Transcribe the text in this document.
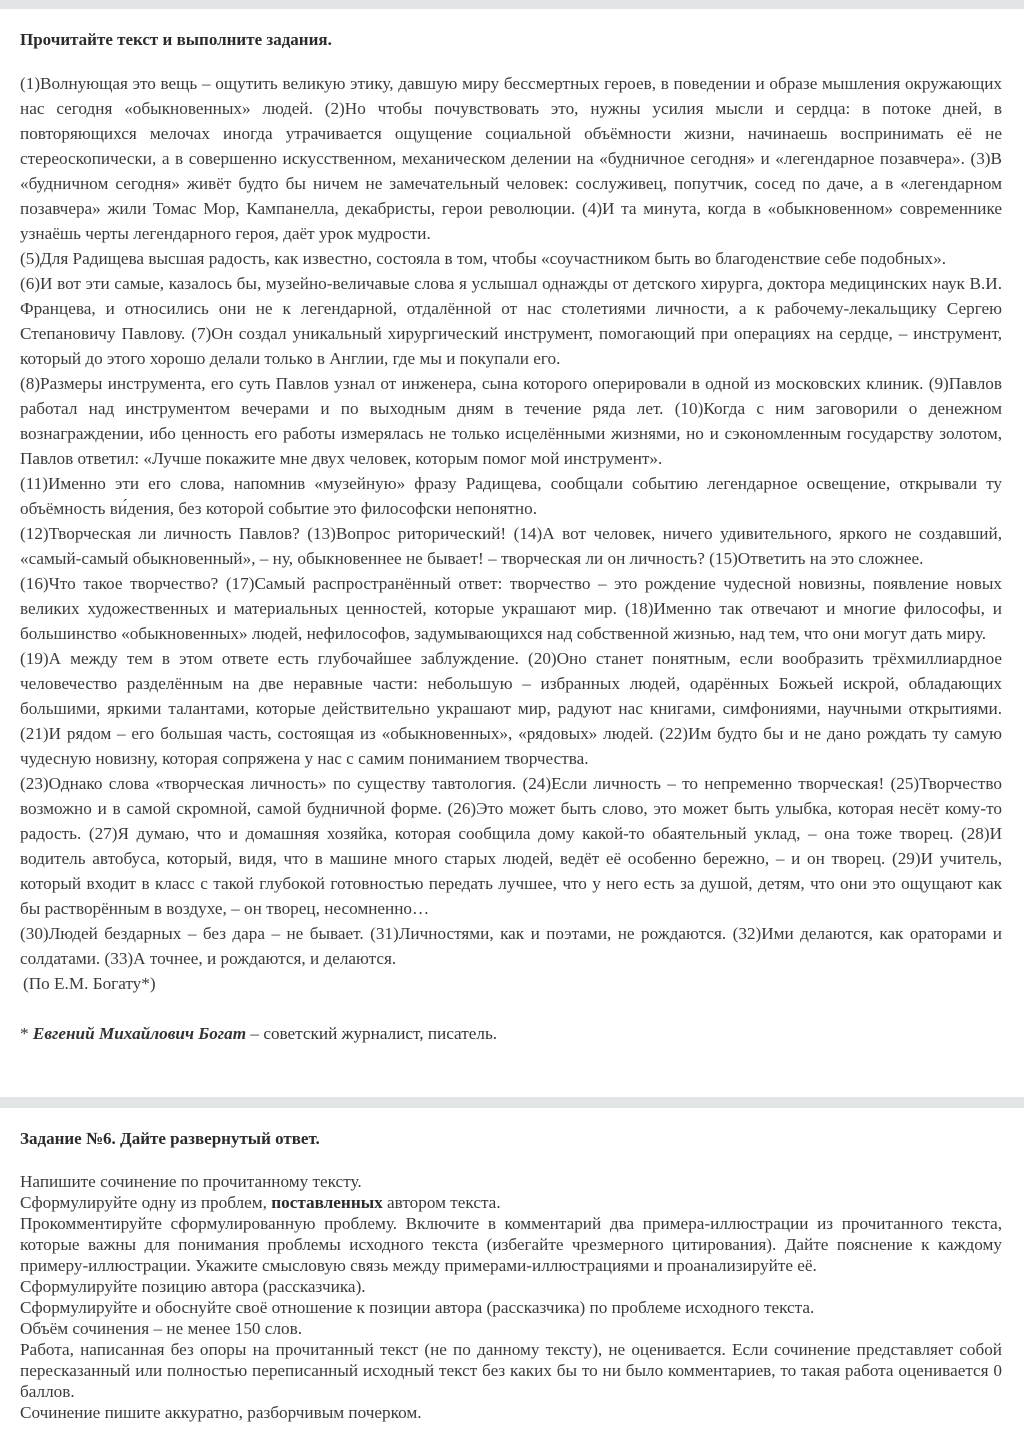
Прочитайте текст и выполните задания.

(1)Волнующая это вещь – ощутить великую этику, давшую миру бессмертных героев, в поведении и образе мышления окружающих нас сегодня «обыкновенных» людей. (2)Но чтобы почувствовать это, нужны усилия мысли и сердца: в потоке дней, в повторяющихся мелочах иногда утрачивается ощущение социальной объёмности жизни, начинаешь воспринимать её не стереоскопически, а в совершенно искусственном, механическом делении на «будничное сегодня» и «легендарное позавчера». (3)В «будничном сегодня» живёт будто бы ничем не замечательный человек: сослуживец, попутчик, сосед по даче, а в «легендарном позавчера» жили Томас Мор, Кампанелла, декабристы, герои революции. (4)И та минута, когда в «обыкновенном» современнике узнаёшь черты легендарного героя, даёт урок мудрости.

(5)Для Радищева высшая радость, как известно, состояла в том, чтобы «соучастником быть во благоденствие себе подобных».

(6)И вот эти самые, казалось бы, музейно-величавые слова я услышал однажды от детского хирурга, доктора медицинских наук В.И. Францева, и относились они не к легендарной, отдалённой от нас столетиями личности, а к рабочему-лекальщику Сергею Степановичу Павлову. (7)Он создал уникальный хирургический инструмент, помогающий при операциях на сердце, – инструмент, который до этого хорошо делали только в Англии, где мы и покупали его.

(8)Размеры инструмента, его суть Павлов узнал от инженера, сына которого оперировали в одной из московских клиник. (9)Павлов работал над инструментом вечерами и по выходным дням в течение ряда лет. (10)Когда с ним заговорили о денежном вознаграждении, ибо ценность его работы измерялась не только исцелёнными жизнями, но и сэкономленным государству золотом, Павлов ответил: «Лучше покажите мне двух человек, которым помог мой инструмент».

(11)Именно эти его слова, напомнив «музейную» фразу Радищева, сообщали событию легендарное освещение, открывали ту объёмность ви́дения, без которой событие это философски непонятно.

(12)Творческая ли личность Павлов? (13)Вопрос риторический! (14)А вот человек, ничего удивительного, яркого не создавший, «самый-самый обыкновенный», – ну, обыкновеннее не бывает! – творческая ли он личность? (15)Ответить на это сложнее.

(16)Что такое творчество? (17)Самый распространённый ответ: творчество – это рождение чудесной новизны, появление новых великих художественных и материальных ценностей, которые украшают мир. (18)Именно так отвечают и многие философы, и большинство «обыкновенных» людей, нефилософов, задумывающихся над собственной жизнью, над тем, что они могут дать миру.

(19)А между тем в этом ответе есть глубочайшее заблуждение. (20)Оно станет понятным, если вообразить трёхмиллиардное человечество разделённым на две неравные части: небольшую – избранных людей, одарённых Божьей искрой, обладающих большими, яркими талантами, которые действительно украшают мир, радуют нас книгами, симфониями, научными открытиями. (21)И рядом – его большая часть, состоящая из «обыкновенных», «рядовых» людей. (22)Им будто бы и не дано рождать ту самую чудесную новизну, которая сопряжена у нас с самим пониманием творчества.

(23)Однако слова «творческая личность» по существу тавтология. (24)Если личность – то непременно творческая! (25)Творчество возможно и в самой скромной, самой будничной форме. (26)Это может быть слово, это может быть улыбка, которая несёт кому-то радость. (27)Я думаю, что и домашняя хозяйка, которая сообщила дому какой-то обаятельный уклад, – она тоже творец. (28)И водитель автобуса, который, видя, что в машине много старых людей, ведёт её особенно бережно, – и он творец. (29)И учитель, который входит в класс с такой глубокой готовностью передать лучшее, что у него есть за душой, детям, что они это ощущают как бы растворённым в воздухе, – он творец, несомненно…

(30)Людей бездарных – без дара – не бывает. (31)Личностями, как и поэтами, не рождаются. (32)Ими делаются, как ораторами и солдатами. (33)А точнее, и рождаются, и делаются.

(По Е.М. Богату*)

* Евгений Михайлович Богат – советский журналист, писатель.
Задание №6. Дайте развернутый ответ.

Напишите сочинение по прочитанному тексту.

Сформулируйте одну из проблем, поставленных автором текста.

Прокомментируйте сформулированную проблему. Включите в комментарий два примера-иллюстрации из прочитанного текста, которые важны для понимания проблемы исходного текста (избегайте чрезмерного цитирования). Дайте пояснение к каждому примеру-иллюстрации. Укажите смысловую связь между примерами-иллюстрациями и проанализируйте её.

Сформулируйте позицию автора (рассказчика).

Сформулируйте и обоснуйте своё отношение к позиции автора (рассказчика) по проблеме исходного текста.

Объём сочинения – не менее 150 слов.

Работа, написанная без опоры на прочитанный текст (не по данному тексту), не оценивается. Если сочинение представляет собой пересказанный или полностью переписанный исходный текст без каких бы то ни было комментариев, то такая работа оценивается 0 баллов.

Сочинение пишите аккуратно, разборчивым почерком.
